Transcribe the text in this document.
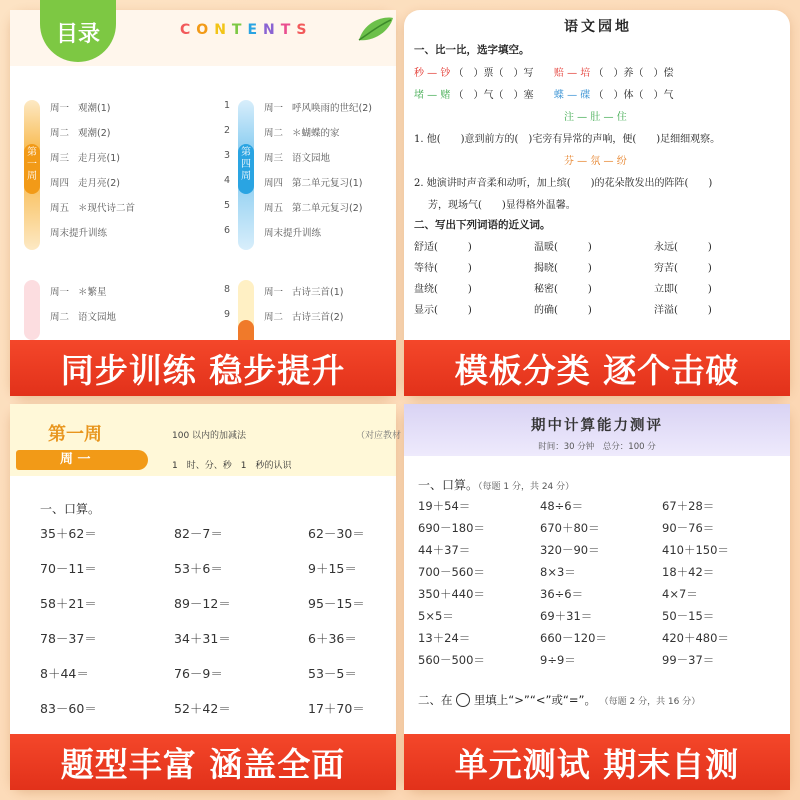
目录	CONTENTS
第一周
第四周
周一 观潮(1)	1
周二 观潮(2)	2
周三 走月亮(1)	3
周四 走月亮(2)	4
周五 ＊现代诗二首	5
周末提升训练	6
周一 呼风唤雨的世纪(2)
周二 ＊蝴蝶的家
周三 语文园地
周四 第二单元复习(1)
周五 第二单元复习(2)
周末提升训练
周一 ＊繁星	8
周二 语文园地	9
周一 古诗三首(1)
周二 古诗三首(2)
同步训练 稳步提升
语文园地
一、比一比，选字填空。
秒 — 钞 （　）票（　）写 赔 — 培 （　）养（　）偿
堵 — 赌 （　）气（　）塞 蝶 — 碟 （　）体（　）气
注 — 肚 — 住
1. 他(　　)意到前方的(　)宅旁有异常的声响，便(　　)足细细观察。
芬 — 氛 — 纷
2. 她演讲时声音柔和动听，加上缤(　　)的花朵散发出的阵阵(　　)
芳，现场气(　　)显得格外温馨。
二、写出下列词语的近义词。
舒适(　　　)	温暖(　　　)	永远(　　　)
等待(　　　)	揭晓(　　　)	穷苦(　　　)
盘绕(　　　)	秘密(　　　)	立即(　　　)
显示(　　　)	的确(　　　)	洋溢(　　　)
模板分类 逐个击破
第一周	100 以内的加减法	（对应教材
周 一	1　时、分、秒　1　秒的认识
一、口算。
35＋62＝	82－7＝	62－30＝
70－11＝	53＋6＝	9＋15＝
58＋21＝	89－12＝	95－15＝
78－37＝	34＋31＝	6＋36＝
8＋44＝	76－9＝	53－5＝
83－60＝	52＋42＝	17＋70＝
题型丰富 涵盖全面
期中计算能力测评
时间：30 分钟　总分：100 分
一、口算。（每题 1 分，共 24 分）
19＋54＝	48÷6＝	67＋28＝
690－180＝	670＋80＝	90－76＝
44＋37＝	320－90＝	410＋150＝
700－560＝	8×3＝	18＋42＝
350＋440＝	36÷6＝	4×7＝
5×5＝	69＋31＝	50－15＝
13＋24＝	660－120＝	420＋480＝
560－500＝	9÷9＝	99－37＝
二、在 里填上“>”“<”或“=”。 （每题 2 分，共 16 分）
单元测试 期末自测
